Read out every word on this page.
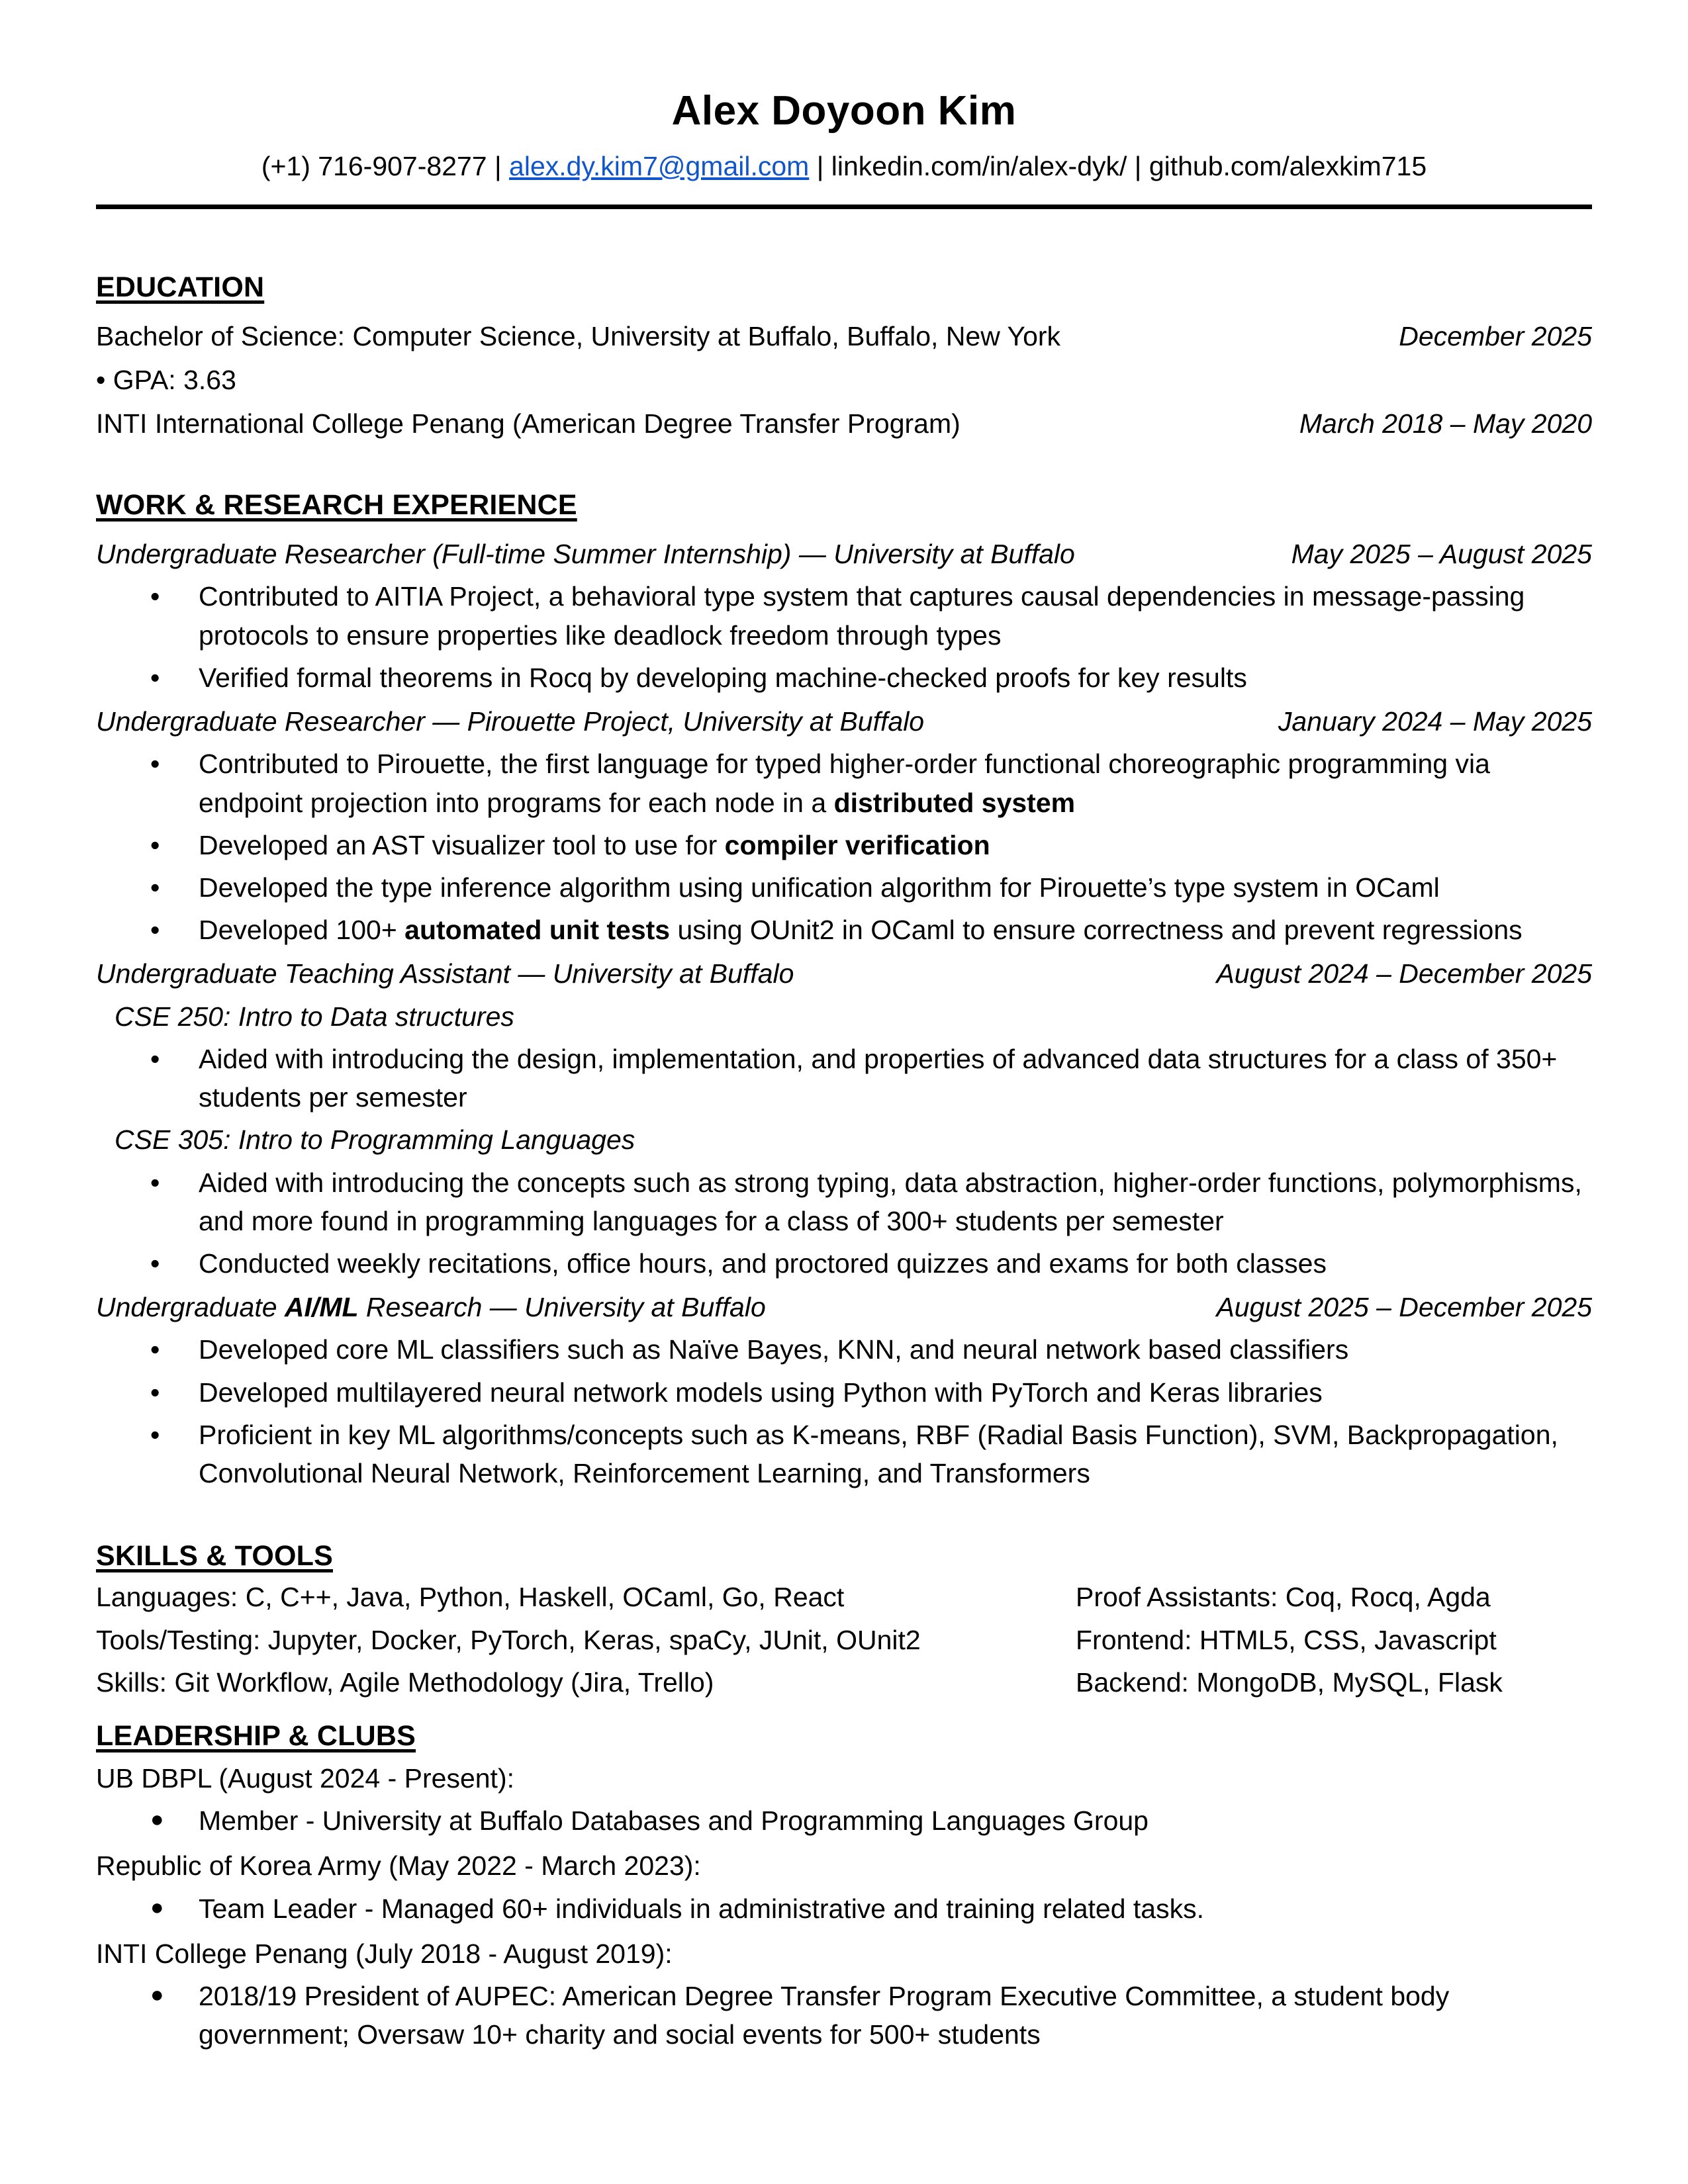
Alex Doyoon Kim
(+1) 716-907-8277 | alex.dy.kim7@gmail.com | linkedin.com/in/alex-dyk/ | github.com/alexkim715
EDUCATION
Bachelor of Science: Computer Science, University at Buffalo, Buffalo, New York	December 2025
• GPA: 3.63
INTI International College Penang (American Degree Transfer Program)	March 2018 – May 2020
WORK & RESEARCH EXPERIENCE
Undergraduate Researcher (Full-time Summer Internship) — University at Buffalo	May 2025 – August 2025
• Contributed to AITIA Project, a behavioral type system that captures causal dependencies in message-passing protocols to ensure properties like deadlock freedom through types
• Verified formal theorems in Rocq by developing machine-checked proofs for key results
Undergraduate Researcher — Pirouette Project, University at Buffalo	January 2024 – May 2025
• Contributed to Pirouette, the first language for typed higher-order functional choreographic programming via endpoint projection into programs for each node in a distributed system
• Developed an AST visualizer tool to use for compiler verification
• Developed the type inference algorithm using unification algorithm for Pirouette’s type system in OCaml
• Developed 100+ automated unit tests using OUnit2 in OCaml to ensure correctness and prevent regressions
Undergraduate Teaching Assistant — University at Buffalo	August 2024 – December 2025
CSE 250: Intro to Data structures
• Aided with introducing the design, implementation, and properties of advanced data structures for a class of 350+ students per semester
CSE 305: Intro to Programming Languages
• Aided with introducing the concepts such as strong typing, data abstraction, higher-order functions, polymorphisms, and more found in programming languages for a class of 300+ students per semester
• Conducted weekly recitations, office hours, and proctored quizzes and exams for both classes
Undergraduate AI/ML Research — University at Buffalo	August 2025 – December 2025
• Developed core ML classifiers such as Naïve Bayes, KNN, and neural network based classifiers
• Developed multilayered neural network models using Python with PyTorch and Keras libraries
• Proficient in key ML algorithms/concepts such as K-means, RBF (Radial Basis Function), SVM, Backpropagation, Convolutional Neural Network, Reinforcement Learning, and Transformers
SKILLS & TOOLS
Languages: C, C++, Java, Python, Haskell, OCaml, Go, React	Proof Assistants: Coq, Rocq, Agda
Tools/Testing: Jupyter, Docker, PyTorch, Keras, spaCy, JUnit, OUnit2	Frontend: HTML5, CSS, Javascript
Skills: Git Workflow, Agile Methodology (Jira, Trello)	Backend: MongoDB, MySQL, Flask
LEADERSHIP & CLUBS
UB DBPL (August 2024 - Present):
● Member - University at Buffalo Databases and Programming Languages Group
Republic of Korea Army (May 2022 - March 2023):
● Team Leader - Managed 60+ individuals in administrative and training related tasks.
INTI College Penang (July 2018 - August 2019):
● 2018/19 President of AUPEC: American Degree Transfer Program Executive Committee, a student body government; Oversaw 10+ charity and social events for 500+ students
